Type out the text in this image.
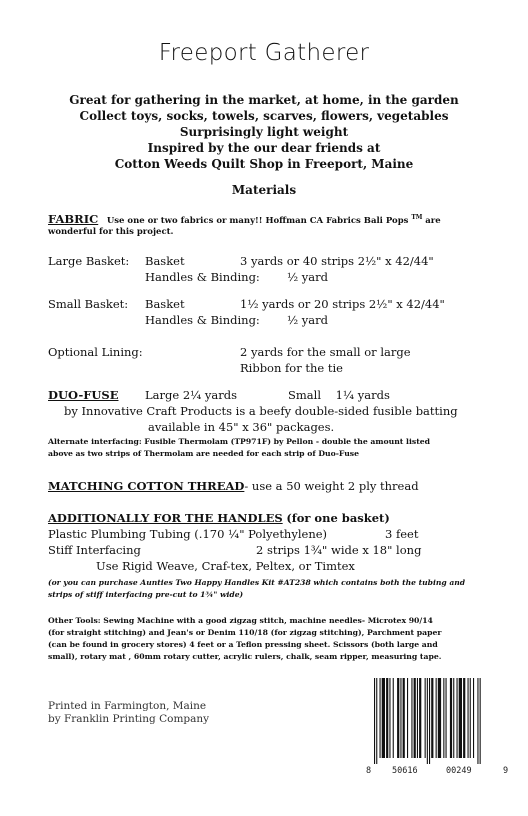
Freeport Gatherer
Great for gathering in the market, at home, in the garden
Collect toys, socks, towels, scarves, flowers, vegetables
Surprisingly light weight
Inspired by the our dear friends at
Cotton Weeds Quilt Shop in Freeport, Maine
Materials
FABRIC Use one or two fabrics or many!! Hoffman CA Fabrics Bali Pops ™ are
wonderful for this project.
Large Basket: Basket	3 yards or 40 strips 2½" x 42/44"
Handles & Binding: ½ yard
Small Basket: Basket	1½ yards or 20 strips 2½" x 42/44"
Handles & Binding: ½ yard
Optional Lining:	2 yards for the small or large
Ribbon for the tie
DUO-FUSE Large 2¼ yards	Small    1¼ yards
by Innovative Craft Products is a beefy double-sided fusible batting
available in 45" x 36" packages.
Alternate interfacing: Fusible Thermolam (TP971F) by Pellon - double the amount listed
above as two strips of Thermolam are needed for each strip of Duo-Fuse
MATCHING COTTON THREAD- use a 50 weight 2 ply thread
ADDITIONALLY FOR THE HANDLES (for one basket)
Plastic Plumbing Tubing (.170 ¼" Polyethylene)	3 feet
Stiff Interfacing	2 strips 1¾" wide x 18" long
Use Rigid Weave, Craf-tex, Peltex, or Timtex
(or you can purchase Aunties Two Happy Handles Kit #AT238 which contains both the tubing and
strips of stiff interfacing pre-cut to 1¾" wide)
Other Tools: Sewing Machine with a good zigzag stitch, machine needles- Microtex 90/14
(for straight stitching) and Jean's or Denim 110/18 (for zigzag stitching), Parchment paper
(can be found in grocery stores) 4 feet or a Teflon pressing sheet. Scissors (both large and
small), rotary mat , 60mm rotary cutter, acrylic rulers, chalk, seam ripper, measuring tape.
Printed in Farmington, Maine
by Franklin Printing Company
8 50616	00249	9
